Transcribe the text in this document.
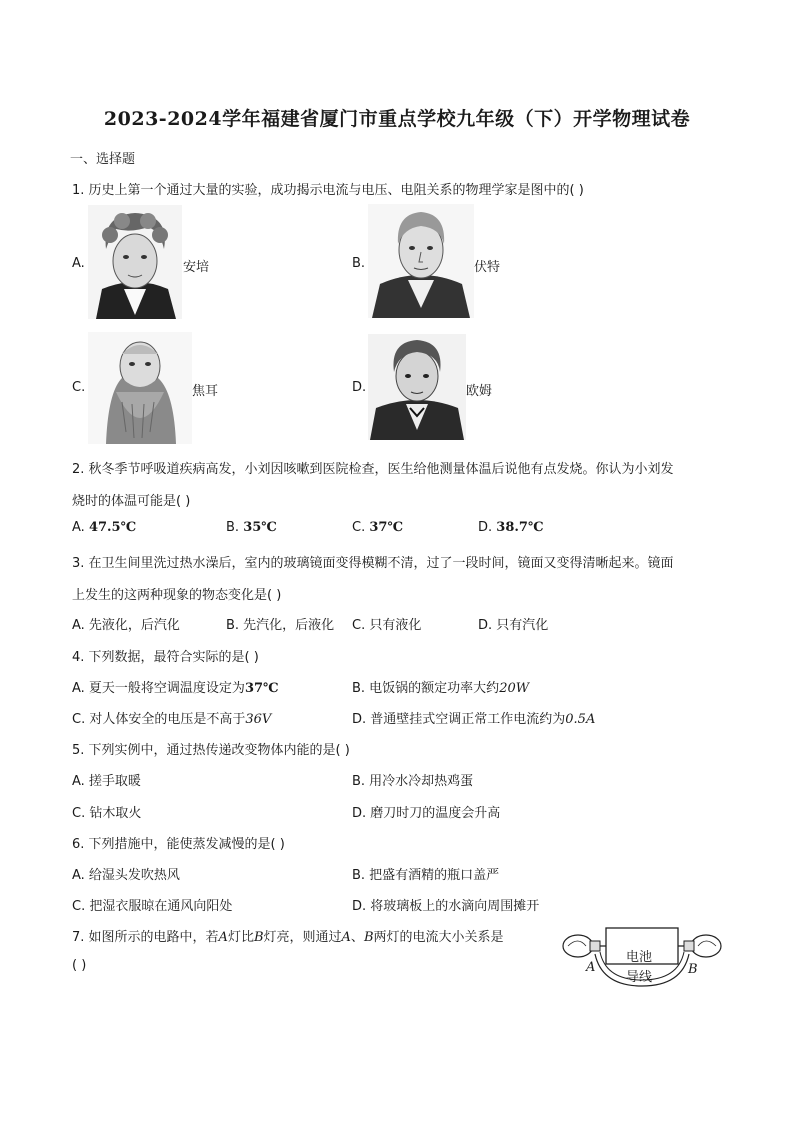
2023-2024学年福建省厦门市重点学校九年级（下）开学物理试卷
一、选择题
1. 历史上第一个通过大量的实验，成功揭示电流与电压、电阻关系的物理学家是图中的( )
A.	安培	B.	伏特
C.	焦耳	D.	欧姆
2. 秋冬季节呼吸道疾病高发，小刘因咳嗽到医院检查，医生给他测量体温后说他有点发烧。你认为小刘发
烧时的体温可能是( )
A. 47.5℃	B. 35℃	C. 37℃	D. 38.7℃
3. 在卫生间里洗过热水澡后，室内的玻璃镜面变得模糊不清，过了一段时间，镜面又变得清晰起来。镜面
上发生的这两种现象的物态变化是( )
A. 先液化，后汽化	B. 先汽化，后液化 C. 只有液化	D. 只有汽化
4. 下列数据，最符合实际的是( )
A. 夏天一般将空调温度设定为37℃	B. 电饭锅的额定功率大约20W
C. 对人体安全的电压是不高于36V	D. 普通壁挂式空调正常工作电流约为0.5A
5. 下列实例中，通过热传递改变物体内能的是( )
A. 搓手取暖	B. 用冷水冷却热鸡蛋
C. 钻木取火	D. 磨刀时刀的温度会升高
6. 下列措施中，能使蒸发减慢的是( )
A. 给湿头发吹热风	B. 把盛有酒精的瓶口盖严
C. 把湿衣服晾在通风向阳处	D. 将玻璃板上的水滴向周围摊开
7. 如图所示的电路中，若A灯比B灯亮，则通过A、B两灯的电流大小关系是
( )
电池
导线
A	B
